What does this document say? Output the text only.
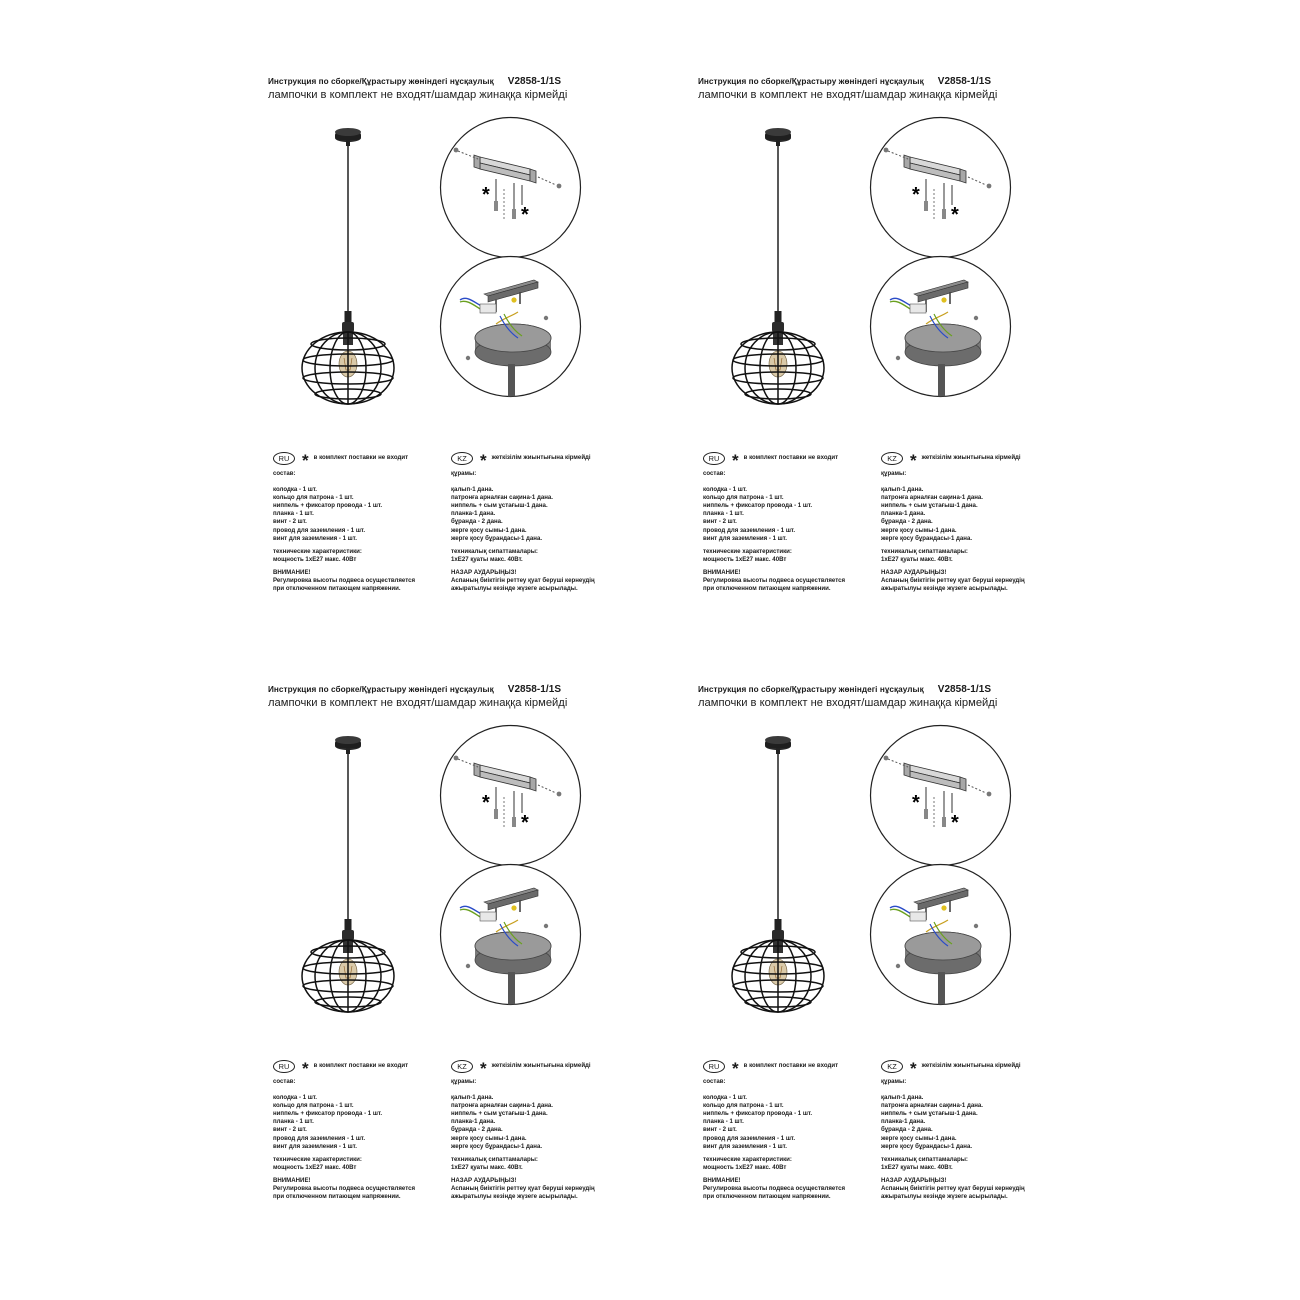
Инструкция по сборке/Құрастыру жөніндегі нұсқаулық V2858-1/1S
лампочки в комплект не входят/шамдар жинаққа кірмейді
*
*
RU * в комплект поставки не входит
состав:
колодка - 1 шт.
кольцо для патрона - 1 шт.
ниппель + фиксатор провода - 1 шт.
планка - 1 шт.
винт - 2 шт.
провод для заземления - 1 шт.
винт для заземления - 1 шт.
технические характеристики:
мощность 1хЕ27 макс. 40Вт
ВНИМАНИЕ!
Регулировка высоты подвеса осуществляется
при отключенном питающем напряжении.
KZ * жеткізілім жиынтығына кірмейді
құрамы:
қалып-1 дана.
патронға арналған сақина-1 дана.
ниппель + сым ұстағыш-1 дана.
планка-1 дана.
бұранда - 2 дана.
жерге қосу сымы-1 дана.
жерге қосу бұрандасы-1 дана.
техникалық сипаттамалары:
1хЕ27 қуаты макс. 40Вт.
НАЗАР АУДАРЫҢЫЗ!
Аспаның биіктігін реттеу қуат беруші кернеудің
ажыратылуы кезінде жүзеге асырылады.
Инструкция по сборке/Құрастыру жөніндегі нұсқаулық V2858-1/1S
лампочки в комплект не входят/шамдар жинаққа кірмейді
*
*
RU * в комплект поставки не входит
состав:
колодка - 1 шт.
кольцо для патрона - 1 шт.
ниппель + фиксатор провода - 1 шт.
планка - 1 шт.
винт - 2 шт.
провод для заземления - 1 шт.
винт для заземления - 1 шт.
технические характеристики:
мощность 1хЕ27 макс. 40Вт
ВНИМАНИЕ!
Регулировка высоты подвеса осуществляется
при отключенном питающем напряжении.
KZ * жеткізілім жиынтығына кірмейді
құрамы:
қалып-1 дана.
патронға арналған сақина-1 дана.
ниппель + сым ұстағыш-1 дана.
планка-1 дана.
бұранда - 2 дана.
жерге қосу сымы-1 дана.
жерге қосу бұрандасы-1 дана.
техникалық сипаттамалары:
1хЕ27 қуаты макс. 40Вт.
НАЗАР АУДАРЫҢЫЗ!
Аспаның биіктігін реттеу қуат беруші кернеудің
ажыратылуы кезінде жүзеге асырылады.
Инструкция по сборке/Құрастыру жөніндегі нұсқаулық V2858-1/1S
лампочки в комплект не входят/шамдар жинаққа кірмейді
*
*
RU * в комплект поставки не входит
состав:
колодка - 1 шт.
кольцо для патрона - 1 шт.
ниппель + фиксатор провода - 1 шт.
планка - 1 шт.
винт - 2 шт.
провод для заземления - 1 шт.
винт для заземления - 1 шт.
технические характеристики:
мощность 1хЕ27 макс. 40Вт
ВНИМАНИЕ!
Регулировка высоты подвеса осуществляется
при отключенном питающем напряжении.
KZ * жеткізілім жиынтығына кірмейді
құрамы:
қалып-1 дана.
патронға арналған сақина-1 дана.
ниппель + сым ұстағыш-1 дана.
планка-1 дана.
бұранда - 2 дана.
жерге қосу сымы-1 дана.
жерге қосу бұрандасы-1 дана.
техникалық сипаттамалары:
1хЕ27 қуаты макс. 40Вт.
НАЗАР АУДАРЫҢЫЗ!
Аспаның биіктігін реттеу қуат беруші кернеудің
ажыратылуы кезінде жүзеге асырылады.
Инструкция по сборке/Құрастыру жөніндегі нұсқаулық V2858-1/1S
лампочки в комплект не входят/шамдар жинаққа кірмейді
*
*
RU * в комплект поставки не входит
состав:
колодка - 1 шт.
кольцо для патрона - 1 шт.
ниппель + фиксатор провода - 1 шт.
планка - 1 шт.
винт - 2 шт.
провод для заземления - 1 шт.
винт для заземления - 1 шт.
технические характеристики:
мощность 1хЕ27 макс. 40Вт
ВНИМАНИЕ!
Регулировка высоты подвеса осуществляется
при отключенном питающем напряжении.
KZ * жеткізілім жиынтығына кірмейді
құрамы:
қалып-1 дана.
патронға арналған сақина-1 дана.
ниппель + сым ұстағыш-1 дана.
планка-1 дана.
бұранда - 2 дана.
жерге қосу сымы-1 дана.
жерге қосу бұрандасы-1 дана.
техникалық сипаттамалары:
1хЕ27 қуаты макс. 40Вт.
НАЗАР АУДАРЫҢЫЗ!
Аспаның биіктігін реттеу қуат беруші кернеудің
ажыратылуы кезінде жүзеге асырылады.
